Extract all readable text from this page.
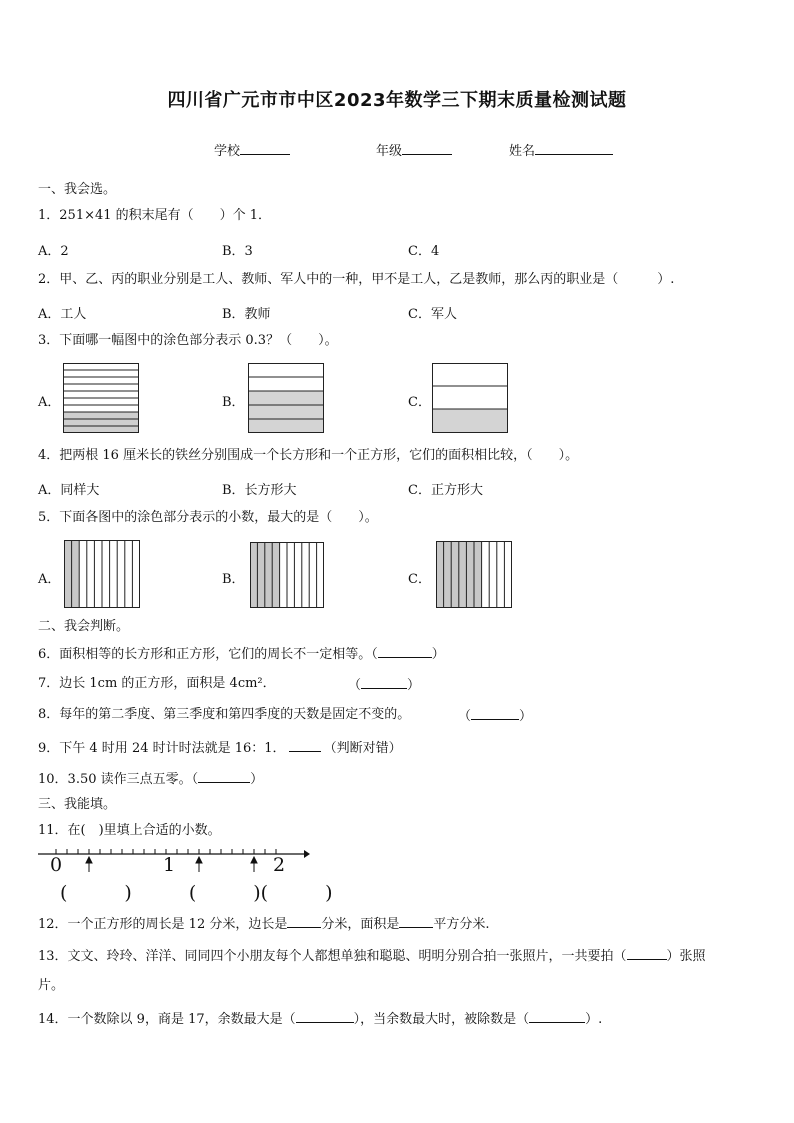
四川省广元市市中区2023年数学三下期末质量检测试题
学校	年级	姓名
一、我会选。
1．251×41 的积末尾有（　　）个 1．
A．2	B．3	C．4
2．甲、乙、丙的职业分别是工人、教师、军人中的一种，甲不是工人，乙是教师，那么丙的职业是（　　　）.
A．工人	B．教师	C．军人
3．下面哪一幅图中的涂色部分表示 0.3？（　　）。
A．	B．	C．
4．把两根 16 厘米长的铁丝分别围成一个长方形和一个正方形，它们的面积相比较，（　　）。
A．同样大	B．长方形大	C．正方形大
5．下面各图中的涂色部分表示的小数，最大的是（　　）。
A．	B．	C．
二、我会判断。
6．面积相等的长方形和正方形，它们的周长不一定相等。（	）
7．边长 1cm 的正方形，面积是 4cm²．	（	）
8．每年的第二季度、第三季度和第四季度的天数是固定不变的。	（	）
9．下午 4 时用 24 时计时法就是 16：1．	（判断对错）
10．3.50 读作三点五零。（	）
三、我能填。
11．在(　)里填上合适的小数。
0	1	2
(　　　)　　　(　　　)(　　　)
12．一个正方形的周长是 12 分米，边长是	分米，面积是	平方分米.
13．文文、玲玲、洋洋、同同四个小朋友每个人都想单独和聪聪、明明分别合拍一张照片，一共要拍（	）张照
片。
14．一个数除以 9，商是 17，余数最大是（	），当余数最大时，被除数是（	）.
